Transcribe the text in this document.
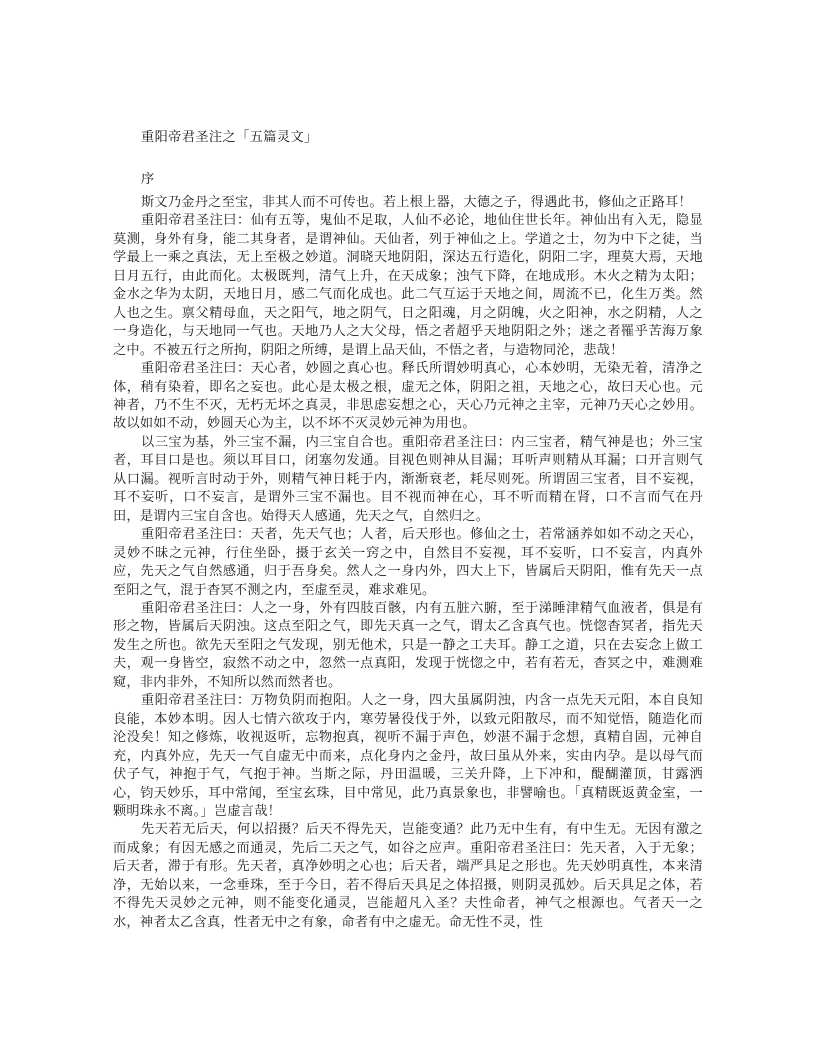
重阳帝君圣注之「五篇灵文」
序

斯文乃金丹之至宝，非其人而不可传也。若上根上器，大德之子，得遇此书，修仙之正路耳！

重阳帝君圣注曰：仙有五等，鬼仙不足取，人仙不必论，地仙住世长年。神仙出有入无，隐显莫测，身外有身，能二其身者，是谓神仙。天仙者，列于神仙之上。学道之士，勿为中下之徒，当学最上一乘之真法，无上至极之妙道。洞晓天地阴阳，深达五行造化，阴阳二字，理莫大焉，天地日月五行，由此而化。太极既判，清气上升，在天成象；浊气下降，在地成形。木火之精为太阳；金水之华为太阴，天地日月，感二气而化成也。此二气互运于天地之间，周流不已，化生万类。然人也之生。禀父精母血，天之阳气，地之阴气，日之阳魂，月之阴魄，火之阳神，水之阴精，人之一身造化，与天地同一气也。天地乃人之大父母，悟之者超乎天地阴阳之外；迷之者罹乎苦海万象之中。不被五行之所拘，阴阳之所缚，是谓上品天仙，不悟之者，与造物同沦，悲哉！

重阳帝君圣注曰：天心者，妙圆之真心也。释氏所谓妙明真心，心本妙明，无染无着，清净之体，稍有染着，即名之妄也。此心是太极之根，虚无之体，阴阳之祖，天地之心，故曰天心也。元神者，乃不生不灭，无朽无坏之真灵，非思虑妄想之心，天心乃元神之主宰，元神乃天心之妙用。故以如如不动，妙圆天心为主，以不坏不灭灵妙元神为用也。

以三宝为基，外三宝不漏，内三宝自合也。重阳帝君圣注曰：内三宝者，精气神是也；外三宝者，耳目口是也。须以耳目口，闭塞勿发通。目视色则神从目漏；耳听声则精从耳漏；口开言则气从口漏。视听言时动于外，则精气神日耗于内，渐渐衰老，耗尽则死。所谓固三宝者，目不妄视，耳不妄听，口不妄言，是谓外三宝不漏也。目不视而神在心，耳不听而精在肾，口不言而气在丹田，是谓内三宝自含也。始得天人感通，先天之气，自然归之。

重阳帝君圣注曰：天者，先天气也；人者，后天形也。修仙之士，若常涵养如如不动之天心，灵妙不昧之元神，行住坐卧，摄于玄关一窍之中，自然目不妄视，耳不妄听，口不妄言，内真外应，先天之气自然感通，归于吾身矣。然人之一身内外，四大上下，皆属后天阴阳，惟有先天一点至阳之气，混于杳冥不测之内，至虚至灵，难求难见。

重阳帝君圣注曰：人之一身，外有四肢百骸，内有五脏六腑，至于涕睡津精气血液者，俱是有形之物，皆属后天阴浊。这点至阳之气，即先天真一之气，谓太乙含真气也。恍惚杳冥者，指先天发生之所也。欲先天至阳之气发现，别无他术，只是一静之工夫耳。静工之道，只在去妄念上做工夫，观一身皆空，寂然不动之中，忽然一点真阳，发现于恍惚之中，若有若无，杳冥之中，难测难窥，非内非外，不知所以然而然者也。

重阳帝君圣注曰：万物负阴而抱阳。人之一身，四大虽属阴浊，内含一点先天元阳，本自良知良能，本妙本明。因人七情六欲攻于内，寒劳暑役伐于外，以致元阳散尽，而不知觉悟，随造化而沦没矣！知之修炼，收视返听，忘物抱真，视听不漏于声色，妙湛不漏于念想，真精自固，元神自充，内真外应，先天一气自虚无中而来，点化身内之金丹，故曰虽从外来，实由内孕。是以母气而伏子气，神抱于气，气抱于神。当斯之际，丹田温暖，三关升降，上下冲和，醍醐灌顶，甘露洒心，钧天妙乐，耳中常闻，至宝玄珠，目中常见，此乃真景象也，非譬喻也。「真精既返黄金室，一颗明珠永不离。」岂虚言哉！

先天若无后天，何以招摄？后天不得先天，岂能变通？此乃无中生有，有中生无。无因有激之而成象；有因无感之而通灵，先后二天之气，如谷之应声。重阳帝君圣注曰：先天者，入于无象；后天者，滞于有形。先天者，真净妙明之心也；后天者，端严具足之形也。先天妙明真性，本来清净，无始以来，一念垂珠，至于今日，若不得后天具足之体招摄，则阴灵孤妙。后天具足之体，若不得先天灵妙之元神，则不能变化通灵，岂能超凡入圣？夫性命者，神气之根源也。气者天一之水，神者太乙含真，性者无中之有象，命者有中之虚无。命无性不灵，性
